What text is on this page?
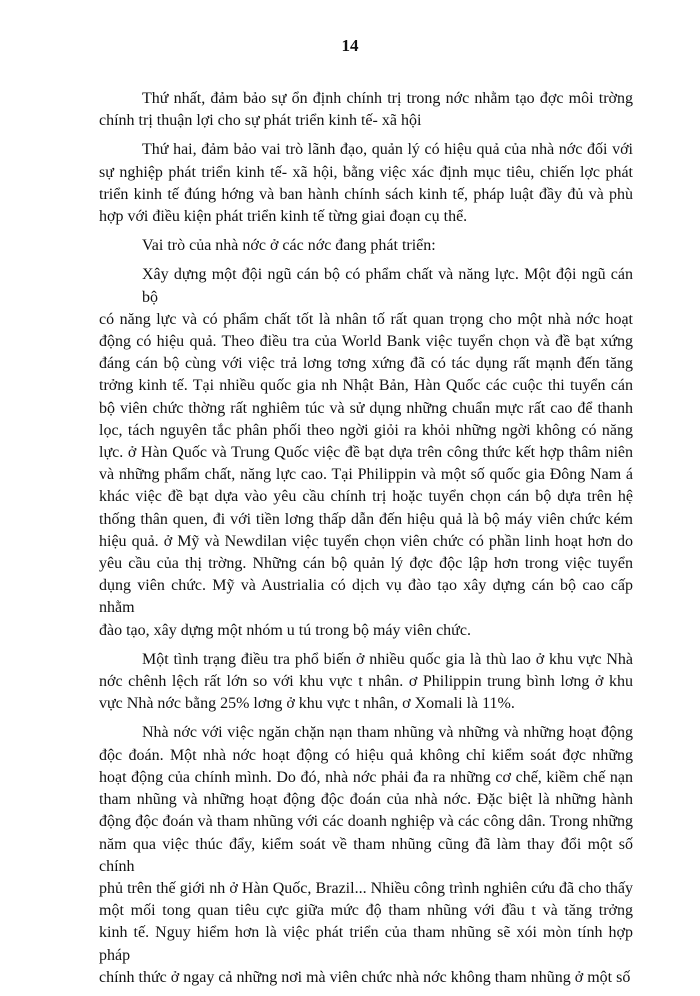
14
Thứ nhất, đảm bảo sự ổn định chính trị trong nớc nhằm tạo đợc môi trờng
chính trị thuận lợi cho sự phát triển kinh tế- xã hội
Thứ hai, đảm bảo vai trò lãnh đạo, quản lý có hiệu quả của nhà nớc đối với
sự nghiệp phát triển kinh tế- xã hội, bằng việc xác định mục tiêu, chiến lợc phát
triển kinh tế đúng hớng và ban hành chính sách kinh tế, pháp luật đầy đủ và phù
hợp với điều kiện phát triển kinh tế từng giai đoạn cụ thể.
Vai trò của nhà nớc ở các nớc đang phát triển:
Xây dựng một đội ngũ cán bộ có phẩm chất và năng lực. Một đội ngũ cán bộ
có năng lực và có phẩm chất tốt là nhân tố rất quan trọng cho một nhà nớc hoạt
động có hiệu quả. Theo điều tra của World Bank việc tuyển chọn và đề bạt xứng
đáng cán bộ cùng với việc trả lơng tơng xứng đã có tác dụng rất mạnh đến tăng
trởng kinh tế. Tại nhiều quốc gia nh Nhật Bản, Hàn Quốc các cuộc thi tuyển cán
bộ viên chức thờng rất nghiêm túc và sử dụng những chuẩn mực rất cao để thanh
lọc, tách nguyên tắc phân phối theo ngời giỏi ra khỏi những ngời không có năng
lực. ở Hàn Quốc và Trung Quốc việc đề bạt dựa trên công thức kết hợp thâm niên
và những phẩm chất, năng lực cao. Tại Philippin và một số quốc gia Đông Nam á
khác việc đề bạt dựa vào yêu cầu chính trị hoặc tuyển chọn cán bộ dựa trên hệ
thống thân quen, đi với tiền lơng thấp dẫn đến hiệu quả là bộ máy viên chức kém
hiệu quả. ở Mỹ và Newdilan việc tuyển chọn viên chức có phần linh hoạt hơn do
yêu cầu của thị trờng. Những cán bộ quản lý đợc độc lập hơn trong việc tuyển
dụng viên chức. Mỹ và Austrialia có dịch vụ đào tạo xây dựng cán bộ cao cấp nhằm
đào tạo, xây dựng một nhóm u tú trong bộ máy viên chức.
Một tình trạng điều tra phổ biến ở nhiều quốc gia là thù lao ở khu vực Nhà
nớc chênh lệch rất lớn so với khu vực t nhân. ơ Philippin trung bình lơng ở khu
vực Nhà nớc bằng 25% lơng ở khu vực t nhân, ơ Xomali là 11%.
Nhà nớc với việc ngăn chặn nạn tham nhũng và những và những hoạt động
độc đoán. Một nhà nớc hoạt động có hiệu quả không chỉ kiểm soát đợc những
hoạt động của chính mình. Do đó, nhà nớc phải đa ra những cơ chế, kiềm chế nạn
tham nhũng và những hoạt động độc đoán của nhà nớc. Đặc biệt là những hành
động độc đoán và tham nhũng với các doanh nghiệp và các công dân. Trong những
năm qua việc thúc đẩy, kiểm soát về tham nhũng cũng đã làm thay đổi một số chính
phủ trên thế giới nh ở Hàn Quốc, Brazil... Nhiều công trình nghiên cứu đã cho thấy
một mối tong quan tiêu cực giữa mức độ tham nhũng với đầu t và tăng trởng
kinh tế. Nguy hiểm hơn là việc phát triển của tham nhũng sẽ xói mòn tính hợp pháp
chính thức ở ngay cả những nơi mà viên chức nhà nớc không tham nhũng ở một số
